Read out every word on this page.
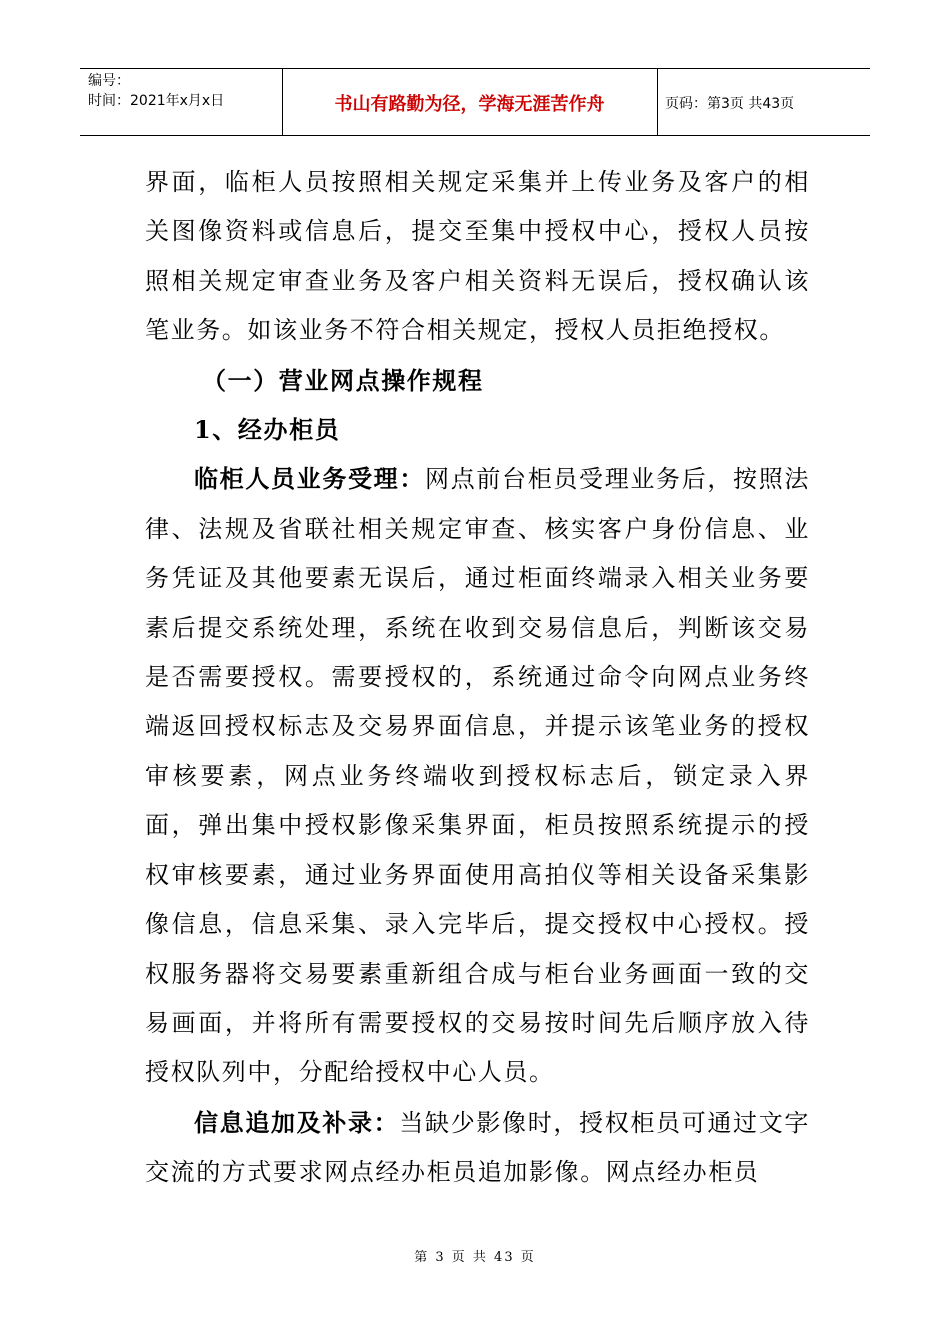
编号：
时间：2021年x月x日	书山有路勤为径，学海无涯苦作舟	页码：第3页 共43页

界面，临柜人员按照相关规定采集并上传业务及客户的相关图像资料或信息后，提交至集中授权中心，授权人员按照相关规定审查业务及客户相关资料无误后，授权确认该笔业务。如该业务不符合相关规定，授权人员拒绝授权。

（一）营业网点操作规程

1、经办柜员

临柜人员业务受理：网点前台柜员受理业务后，按照法律、法规及省联社相关规定审查、核实客户身份信息、业务凭证及其他要素无误后，通过柜面终端录入相关业务要素后提交系统处理，系统在收到交易信息后，判断该交易是否需要授权。需要授权的，系统通过命令向网点业务终端返回授权标志及交易界面信息，并提示该笔业务的授权审核要素，网点业务终端收到授权标志后，锁定录入界面，弹出集中授权影像采集界面，柜员按照系统提示的授权审核要素，通过业务界面使用高拍仪等相关设备采集影像信息，信息采集、录入完毕后，提交授权中心授权。授权服务器将交易要素重新组合成与柜台业务画面一致的交易画面，并将所有需要授权的交易按时间先后顺序放入待授权队列中，分配给授权中心人员。

信息追加及补录：当缺少影像时，授权柜员可通过文字交流的方式要求网点经办柜员追加影像。网点经办柜员

第 3 页 共 43 页
